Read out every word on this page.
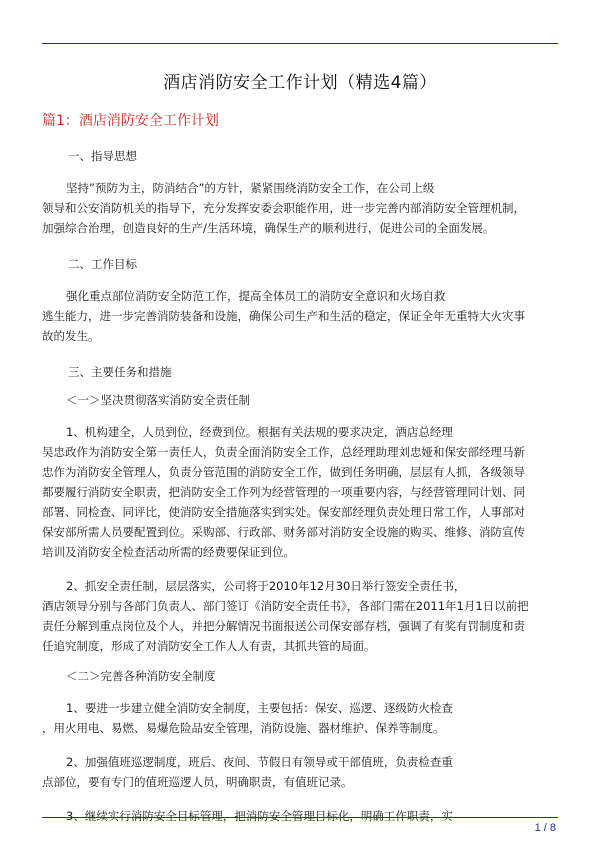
酒店消防安全工作计划（精选4篇）
篇1：酒店消防安全工作计划
一、指导思想
坚持”预防为主，防消结合”的方针，紧紧围绕消防安全工作，在公司上级
领导和公安消防机关的指导下，充分发挥安委会职能作用，进一步完善内部消防安全管理机制，
加强综合治理，创造良好的生产/生活环境，确保生产的顺利进行，促进公司的全面发展。
二、工作目标
强化重点部位消防安全防范工作，提高全体员工的消防安全意识和火场自救
逃生能力，进一步完善消防装备和设施，确保公司生产和生活的稳定，保证全年无重特大火灾事
故的发生。
三、主要任务和措施
＜一＞坚决贯彻落实消防安全责任制
1、机构建全，人员到位，经费到位。根据有关法规的要求决定，酒店总经理
吴忠政作为消防安全第一责任人，负责全面消防安全工作，总经理助理刘忠娅和保安部经理马新
忠作为消防安全管理人，负责分管范围的消防安全工作，做到任务明确，层层有人抓，各级领导
都要履行消防安全职责，把消防安全工作列为经营管理的一项重要内容，与经营管理同计划、同
部署、同检查、同评比，使消防安全措施落实到实处。保安部经理负责处理日常工作，人事部对
保安部所需人员要配置到位。采购部、行政部、财务部对消防安全设施的购买、维修、消防宣传
培训及消防安全检查活动所需的经费要保证到位。
2、抓安全责任制，层层落实，公司将于2010年12月30日举行签安全责任书，
酒店领导分别与各部门负责人、部门签订《消防安全责任书》，各部门需在2011年1月1日以前把
责任分解到重点岗位及个人，并把分解情况书面报送公司保安部存档，强调了有奖有罚制度和责
任追究制度，形成了对消防安全工作人人有责，其抓共管的局面。
＜二＞完善各种消防安全制度
1、要进一步建立健全消防安全制度，主要包括：保安、巡逻、逐级防火检查
，用火用电、易燃、易爆危险品安全管理，消防设施、器材维护、保养等制度。
2、加强值班巡逻制度，班后、夜间、节假日有领导或干部值班，负责检查重
点部位，要有专门的值班巡逻人员，明确职责，有值班记录。
3、继续实行消防安全目标管理，把消防安全管理目标化，明确工作职责，实
1 / 8
